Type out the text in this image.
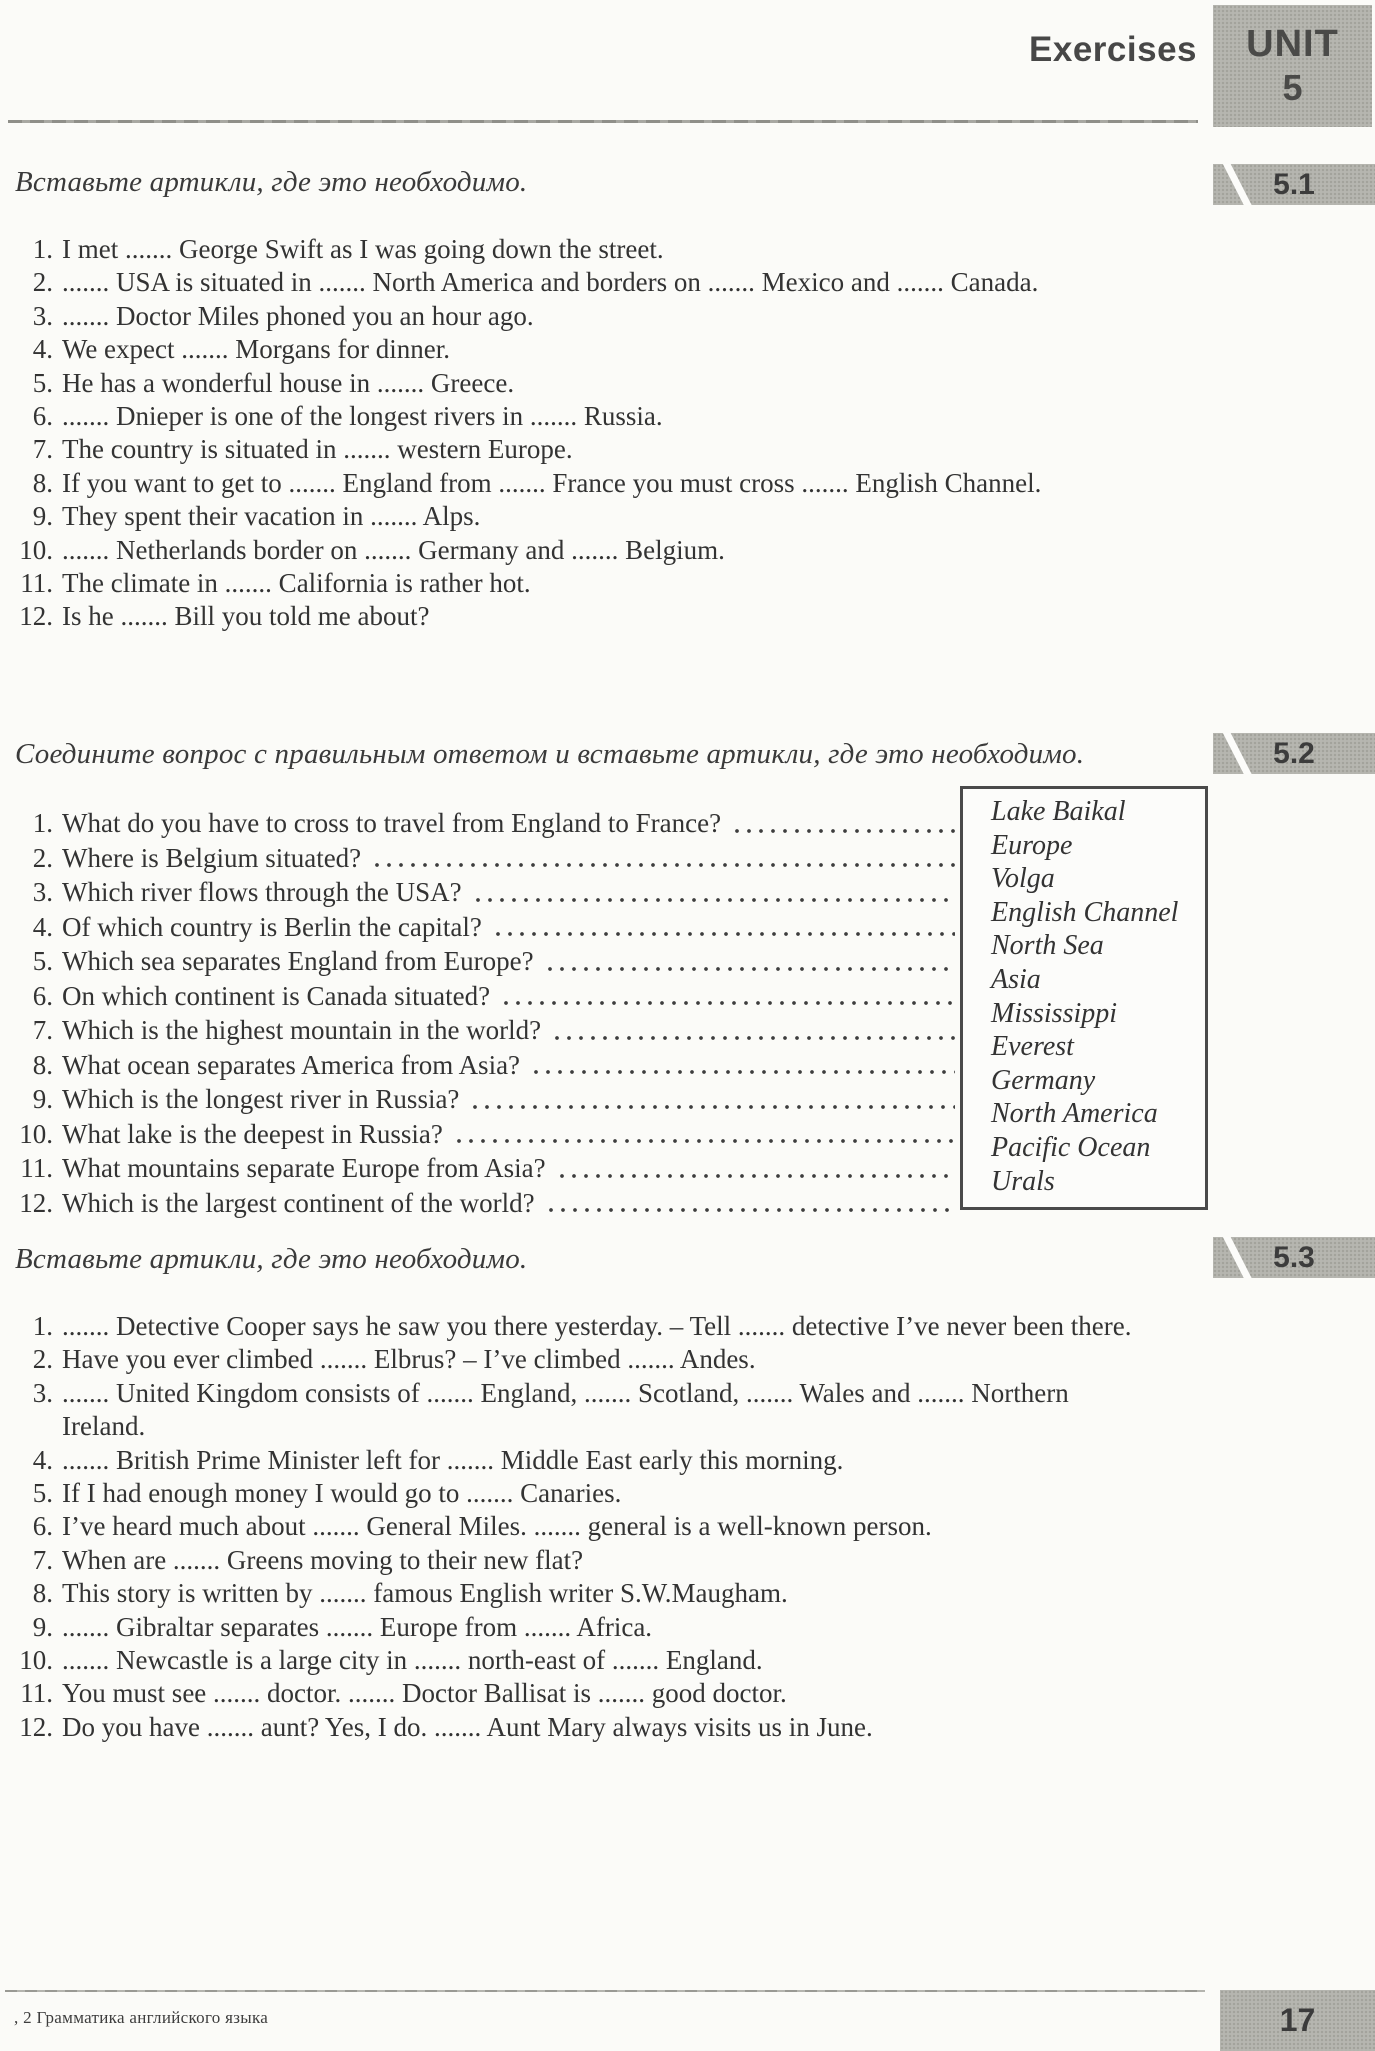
Exercises UNIT
5
Вставьте артикли, где это необходимо.	5.1
I met ....... George Swift as I was going down the street.
....... USA is situated in ....... North America and borders on ....... Mexico and ....... Canada.
....... Doctor Miles phoned you an hour ago.
We expect ....... Morgans for dinner.
He has a wonderful house in ....... Greece.
....... Dnieper is one of the longest rivers in ....... Russia.
The country is situated in ....... western Europe.
If you want to get to ....... England from ....... France you must cross ....... English Channel.
They spent their vacation in ....... Alps.
....... Netherlands border on ....... Germany and ....... Belgium.
The climate in ....... California is rather hot.
Is he ....... Bill you told me about?
Соедините вопрос с правильным ответом и вставьте артикли, где это необходимо.	5.2
What do you have to cross to travel from England to France?
Where is Belgium situated?
Which river flows through the USA?
Of which country is Berlin the capital?
Which sea separates England from Europe?
On which continent is Canada situated?
Which is the highest mountain in the world?
What ocean separates America from Asia?
Which is the longest river in Russia?
What lake is the deepest in Russia?
What mountains separate Europe from Asia?
Which is the largest continent of the world?
Lake Baikal
Europe
Volga
English Channel
North Sea
Asia
Mississippi
Everest
Germany
North America
Pacific Ocean
Urals
Вставьте артикли, где это необходимо.	5.3
....... Detective Cooper says he saw you there yesterday. – Tell ....... detective I’ve never been there.
Have you ever climbed ....... Elbrus? – I’ve climbed ....... Andes.
....... United Kingdom consists of ....... England, ....... Scotland, ....... Wales and ....... Northern Ireland.
....... British Prime Minister left for ....... Middle East early this morning.
If I had enough money I would go to ....... Canaries.
I’ve heard much about ....... General Miles. ....... general is a well-known person.
When are ....... Greens moving to their new flat?
This story is written by ....... famous English writer S.W.Maugham.
....... Gibraltar separates ....... Europe from ....... Africa.
....... Newcastle is a large city in ....... north-east of ....... England.
You must see ....... doctor. ....... Doctor Ballisat is ....... good doctor.
Do you have ....... aunt? Yes, I do. ....... Aunt Mary always visits us in June.
, 2 Грамматика английского языка	17
